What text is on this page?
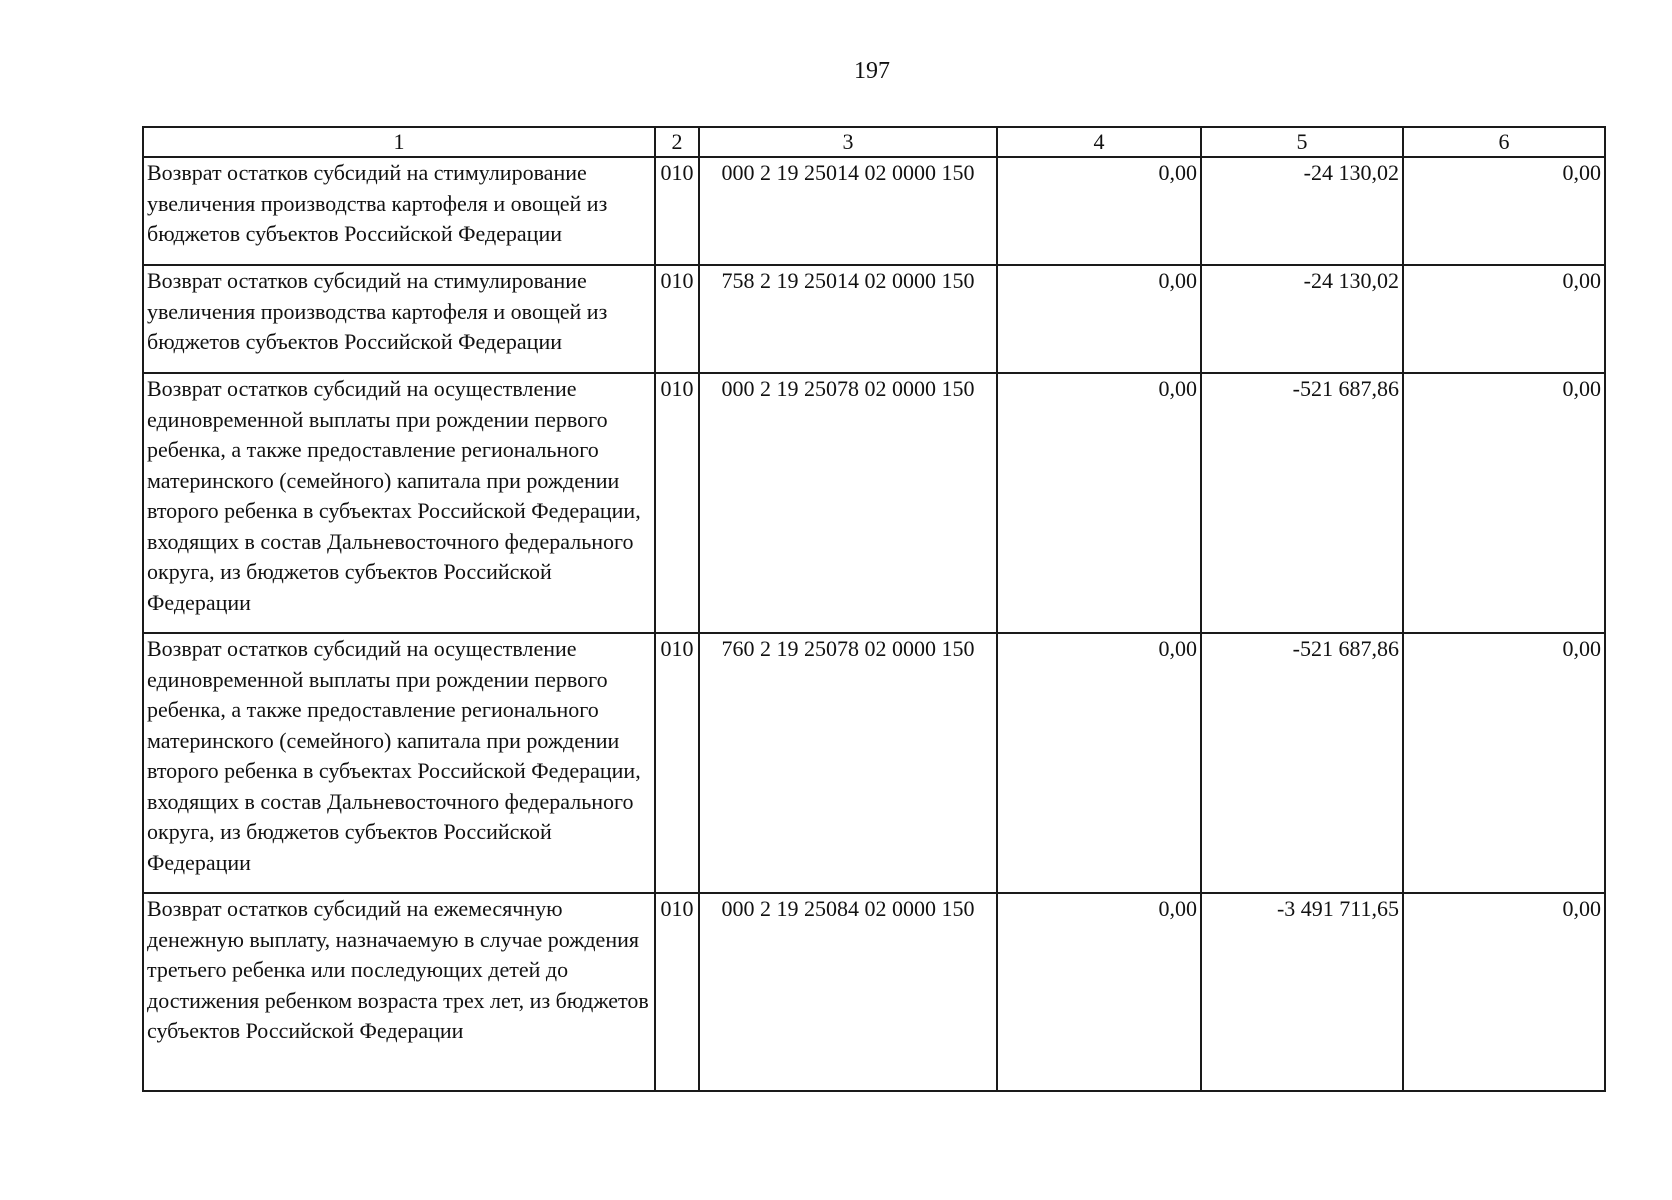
197
1	2	3	4	5	6
Возврат остатков субсидий на стимулирование увеличения производства картофеля и овощей из бюджетов субъектов Российской Федерации	010	000 2 19 25014 02 0000 150	0,00	-24 130,02	0,00
Возврат остатков субсидий на стимулирование увеличения производства картофеля и овощей из бюджетов субъектов Российской Федерации	010	758 2 19 25014 02 0000 150	0,00	-24 130,02	0,00
Возврат остатков субсидий на осуществление единовременной выплаты при рождении первого ребенка, а также предоставление регионального материнского (семейного) капитала при рождении второго ребенка в субъектах Российской Федерации, входящих в состав Дальневосточного федерального округа, из бюджетов субъектов Российской Федерации	010	000 2 19 25078 02 0000 150	0,00	-521 687,86	0,00
Возврат остатков субсидий на осуществление единовременной выплаты при рождении первого ребенка, а также предоставление регионального материнского (семейного) капитала при рождении второго ребенка в субъектах Российской Федерации, входящих в состав Дальневосточного федерального округа, из бюджетов субъектов Российской Федерации	010	760 2 19 25078 02 0000 150	0,00	-521 687,86	0,00
Возврат остатков субсидий на ежемесячную денежную выплату, назначаемую в случае рождения третьего ребенка или последующих детей до достижения ребенком возраста трех лет, из бюджетов субъектов Российской Федерации	010	000 2 19 25084 02 0000 150	0,00	-3 491 711,65	0,00
